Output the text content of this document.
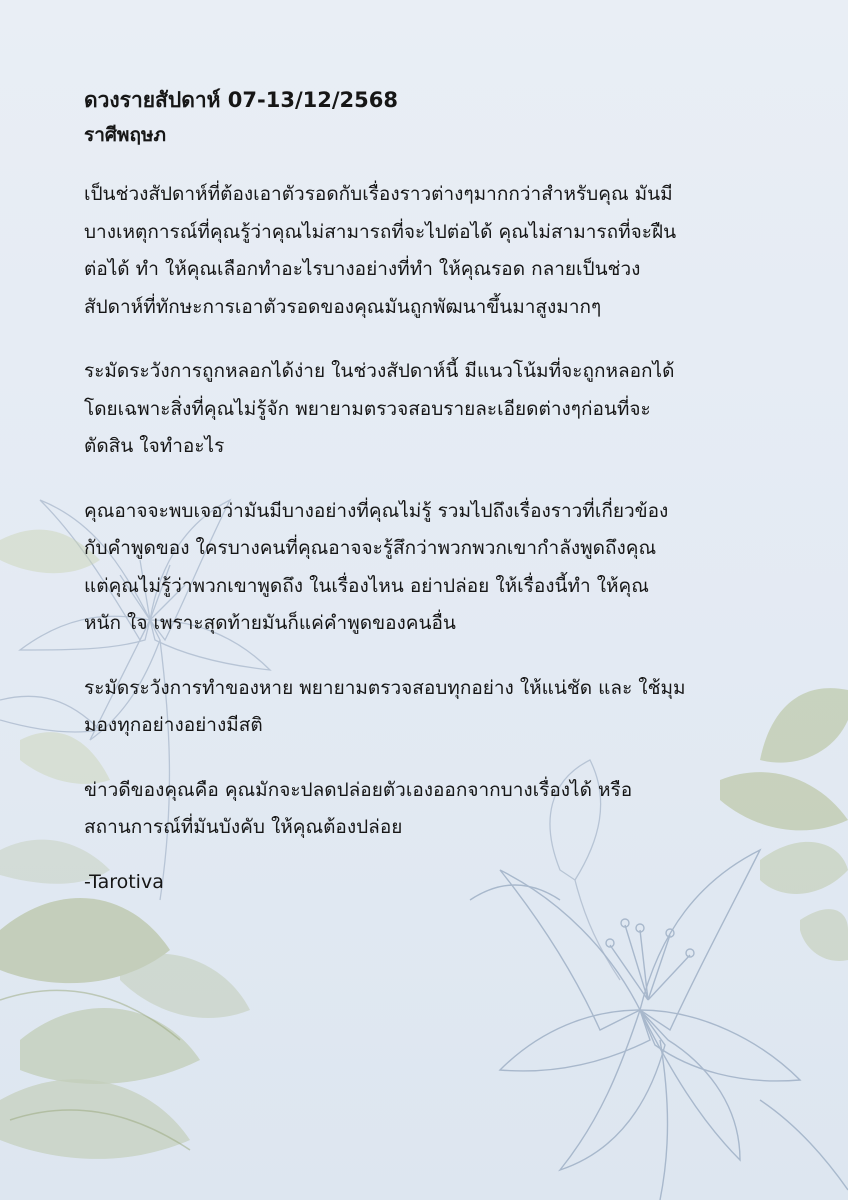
ดวงรายสัปดาห์ 07-13/12/2568
ราศีพฤษภ

เป็นช่วงสัปดาห์ที่ต้องเอาตัวรอดกับเรื่องราวต่างๆมากกว่าสำหรับคุณ มันมี
บางเหตุการณ์ที่คุณรู้ว่าคุณไม่สามารถที่จะไปต่อได้ คุณไม่สามารถที่จะฝืน
ต่อได้ ทำ ให้คุณเลือกทำอะไรบางอย่างที่ทำ ให้คุณรอด กลายเป็นช่วง
สัปดาห์ที่ทักษะการเอาตัวรอดของคุณมันถูกพัฒนาขึ้นมาสูงมากๆ

ระมัดระวังการถูกหลอกได้ง่าย ในช่วงสัปดาห์นี้ มีแนวโน้มที่จะถูกหลอกได้
โดยเฉพาะสิ่งที่คุณไม่รู้จัก พยายามตรวจสอบรายละเอียดต่างๆก่อนที่จะ
ตัดสิน ใจทำอะไร

คุณอาจจะพบเจอว่ามันมีบางอย่างที่คุณไม่รู้ รวมไปถึงเรื่องราวที่เกี่ยวข้อง
กับคำพูดของ ใครบางคนที่คุณอาจจะรู้สึกว่าพวกพวกเขากำลังพูดถึงคุณ
แต่คุณไม่รู้ว่าพวกเขาพูดถึง ในเรื่องไหน อย่าปล่อย ให้เรื่องนี้ทำ ให้คุณ
หนัก ใจ เพราะสุดท้ายมันก็แค่คำพูดของคนอื่น

ระมัดระวังการทำของหาย พยายามตรวจสอบทุกอย่าง ให้แน่ชัด และ ใช้มุม
มองทุกอย่างอย่างมีสติ

ข่าวดีของคุณคือ คุณมักจะปลดปล่อยตัวเองออกจากบางเรื่องได้ หรือ
สถานการณ์ที่มันบังคับ ให้คุณต้องปล่อย

-Tarotiva
